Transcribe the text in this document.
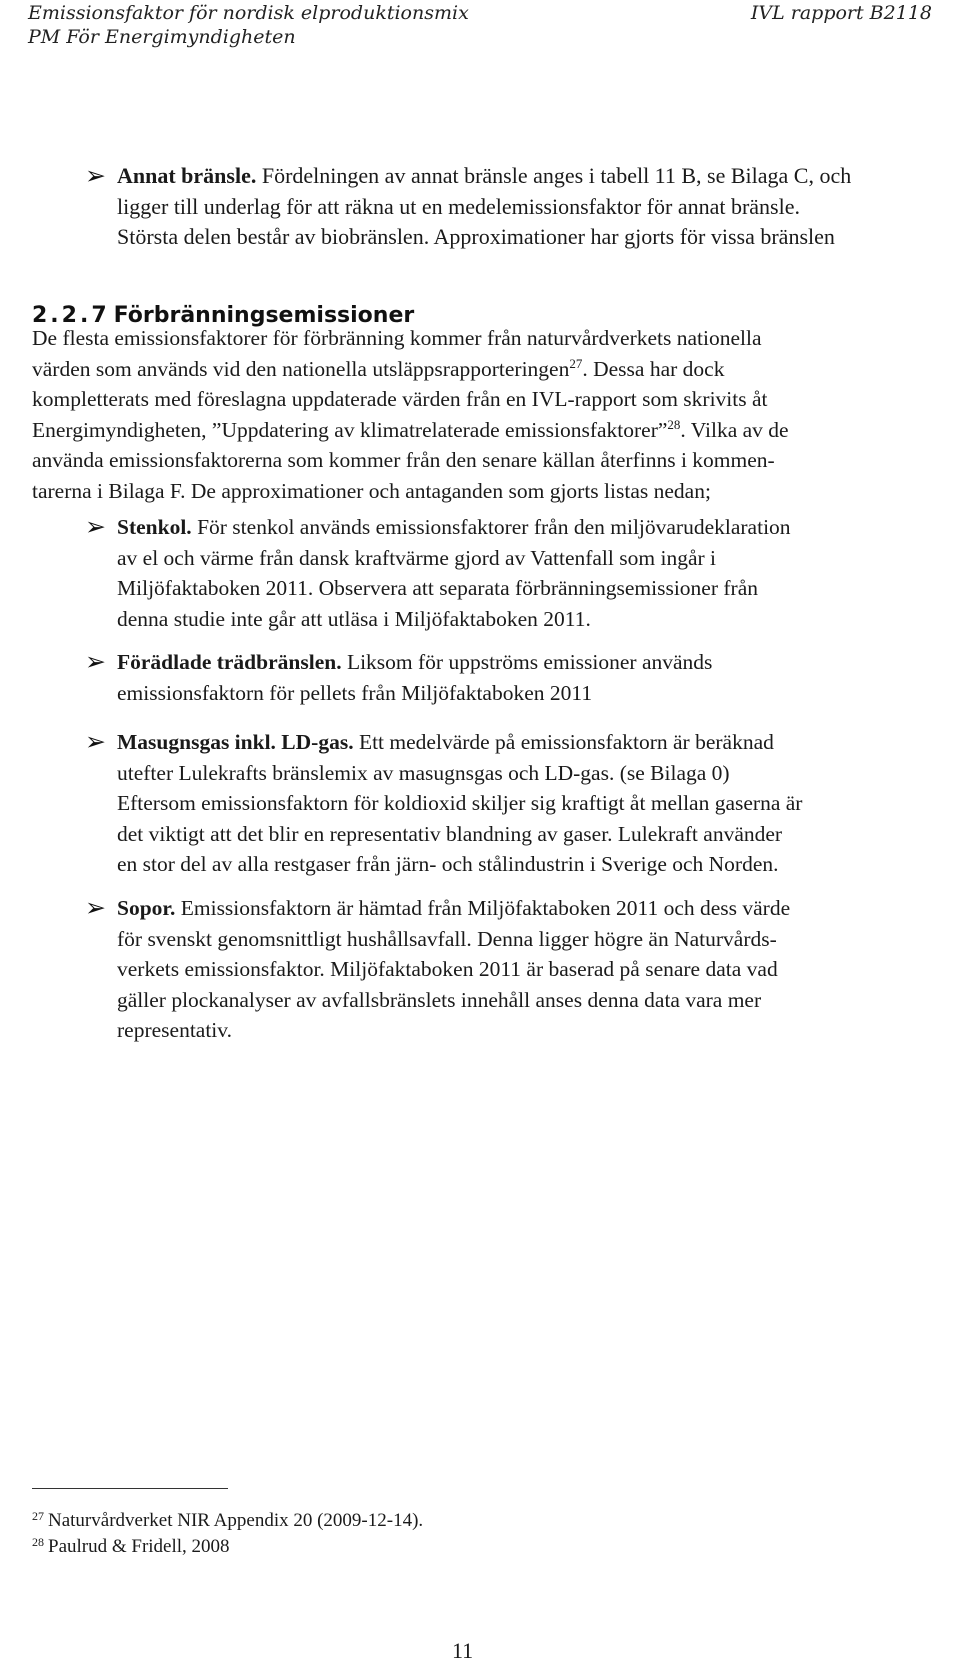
Emissionsfaktor för nordisk elproduktionsmix
PM För Energimyndigheten
IVL rapport B2118
➢ Annat bränsle. Fördelningen av annat bränsle anges i tabell 11 B, se Bilaga C, och
ligger till underlag för att räkna ut en medelemissionsfaktor för annat bränsle.
Största delen består av biobränslen. Approximationer har gjorts för vissa bränslen
2.2.7 Förbränningsemissioner
De flesta emissionsfaktorer för förbränning kommer från naturvårdverkets nationella
värden som används vid den nationella utsläppsrapporteringen$^{27}$. Dessa har dock
kompletterats med föreslagna uppdaterade värden från en IVL-rapport som skrivits åt
Energimyndigheten, ”Uppdatering av klimatrelaterade emissionsfaktorer”$^{28}$. Vilka av de
använda emissionsfaktorerna som kommer från den senare källan återfinns i kommen-
tarerna i Bilaga F. De approximationer och antaganden som gjorts listas nedan;
➢ Stenkol. För stenkol används emissionsfaktorer från den miljövarudeklaration
av el och värme från dansk kraftvärme gjord av Vattenfall som ingår i
Miljöfaktaboken 2011. Observera att separata förbränningsemissioner från
denna studie inte går att utläsa i Miljöfaktaboken 2011.
➢ Förädlade trädbränslen. Liksom för uppströms emissioner används
emissionsfaktorn för pellets från Miljöfaktaboken 2011
➢ Masugnsgas inkl. LD-gas. Ett medelvärde på emissionsfaktorn är beräknad
utefter Lulekrafts bränslemix av masugnsgas och LD-gas. (se Bilaga 0)
Eftersom emissionsfaktorn för koldioxid skiljer sig kraftigt åt mellan gaserna är
det viktigt att det blir en representativ blandning av gaser. Lulekraft använder
en stor del av alla restgaser från järn- och stålindustrin i Sverige och Norden.
➢ Sopor. Emissionsfaktorn är hämtad från Miljöfaktaboken 2011 och dess värde
för svenskt genomsnittligt hushållsavfall. Denna ligger högre än Naturvårds-
verkets emissionsfaktor. Miljöfaktaboken 2011 är baserad på senare data vad
gäller plockanalyser av avfallsbränslets innehåll anses denna data vara mer
representativ.
$^{27}$ Naturvårdverket NIR Appendix 20 (2009-12-14).
$^{28}$ Paulrud & Fridell, 2008
11
